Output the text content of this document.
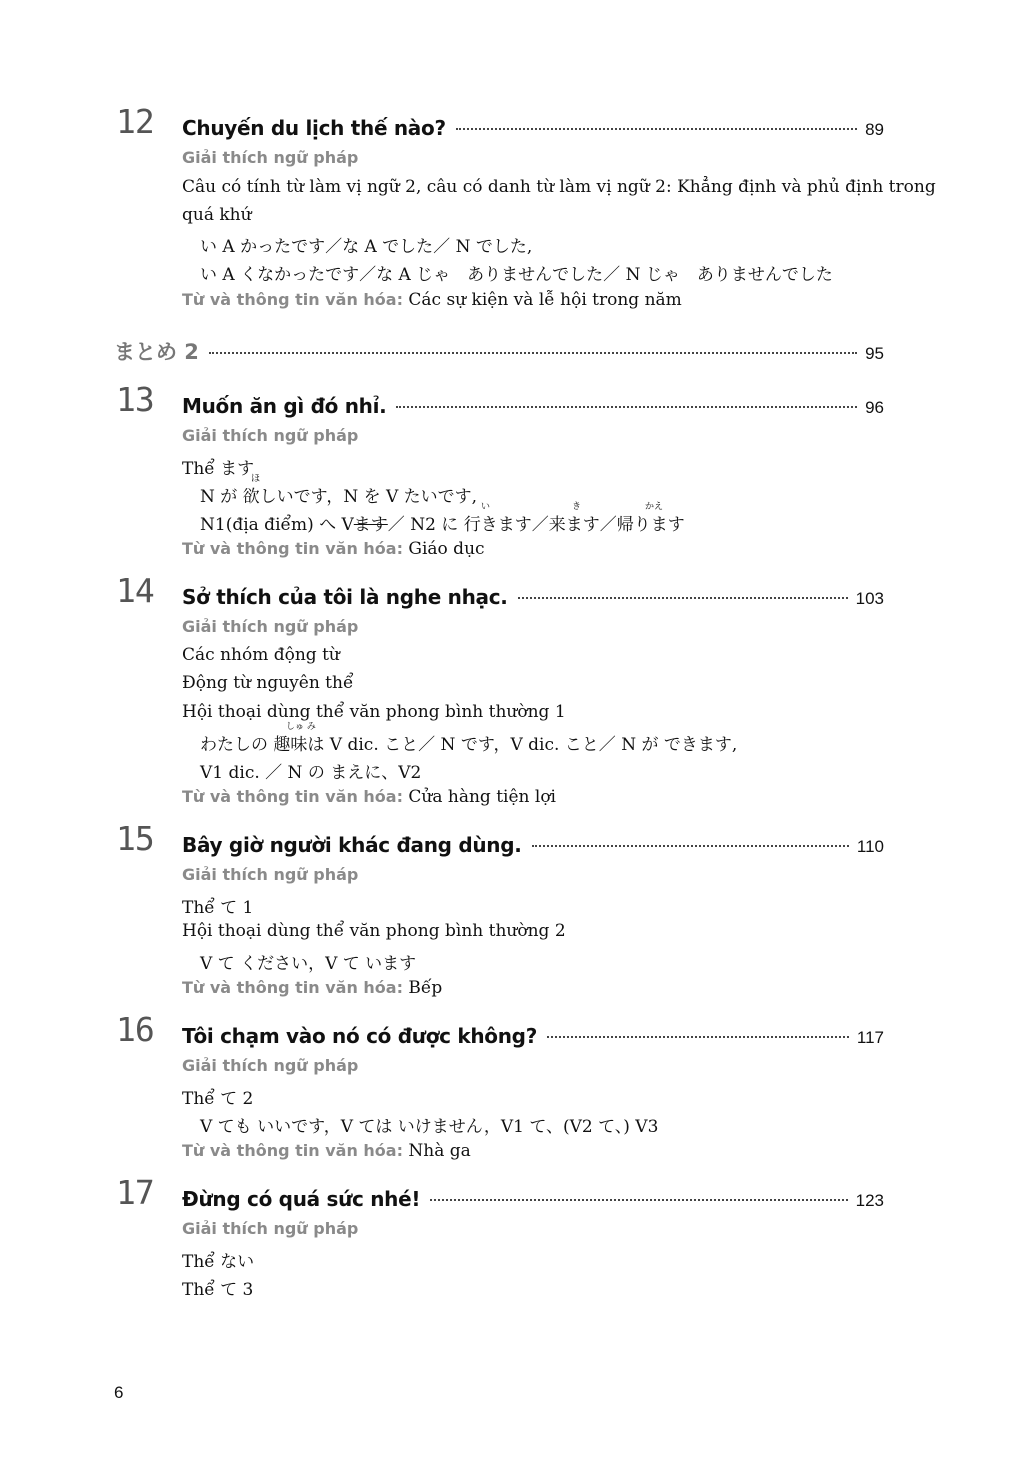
12 Chuyến du lịch thế nào?	89
Giải thích ngữ pháp
Câu có tính từ làm vị ngữ 2, câu có danh từ làm vị ngữ 2: Khẳng định và phủ định trong
quá khứ
い A かったです／な A でした／ N でした,
い A くなかったです／な A じゃ　ありませんでした／ N じゃ　ありませんでした
Từ và thông tin văn hóa: Các sự kiện và lễ hội trong năm
まとめ 2	95
13 Muốn ăn gì đó nhỉ.	96
Giải thích ngữ pháp
Thể ます
N が 欲しいです，N を V たいです,
N1(địa điểm) へ Vます／ N2 に 行きます／来ます／帰ります
Từ và thông tin văn hóa: Giáo dục
14 Sở thích của tôi là nghe nhạc.	103
Giải thích ngữ pháp
Các nhóm động từ
Động từ nguyên thể
Hội thoại dùng thể văn phong bình thường 1
わたしの 趣味は V dic. こと／ N です，V dic. こと／ N が できます,
V1 dic. ／ N の まえに、V2
Từ và thông tin văn hóa: Cửa hàng tiện lợi
15 Bây giờ người khác đang dùng.	110
Giải thích ngữ pháp
Thể て 1
Hội thoại dùng thể văn phong bình thường 2
V て ください，V て います
Từ và thông tin văn hóa: Bếp
16 Tôi chạm vào nó có được không?	117
Giải thích ngữ pháp
Thể て 2
V ても いいです，V ては いけません，V1 て、(V2 て、) V3
Từ và thông tin văn hóa: Nhà ga
17 Đừng có quá sức nhé!	123
Giải thích ngữ pháp
Thể ない
Thể て 3
ほ
い	き	かえ
しゅ み
6
